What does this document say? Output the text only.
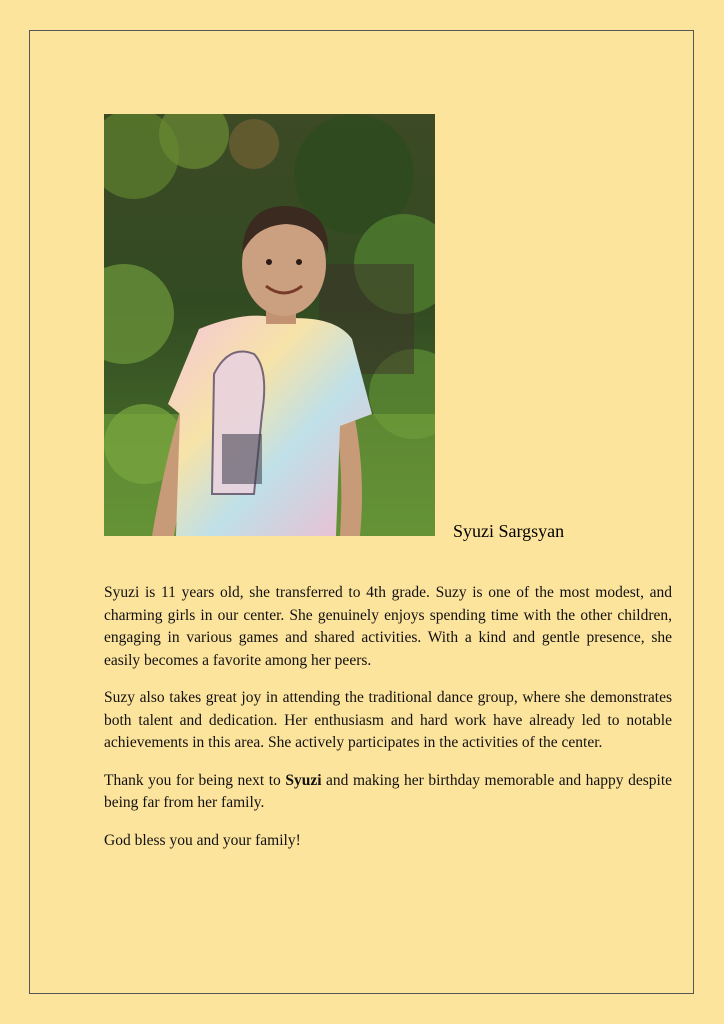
Syuzi Sargsyan

Syuzi is 11 years old, she transferred to 4th grade. Suzy is one of the most modest, and charming girls in our center. She genuinely enjoys spending time with the other children, engaging in various games and shared activities. With a kind and gentle presence, she easily becomes a favorite among her peers.

Suzy also takes great joy in attending the traditional dance group, where she demonstrates both talent and dedication. Her enthusiasm and hard work have already led to notable achievements in this area. She actively participates in the activities of the center.

Thank you for being next to Syuzi and making her birthday memorable and happy despite being far from her family.

God bless you and your family!
